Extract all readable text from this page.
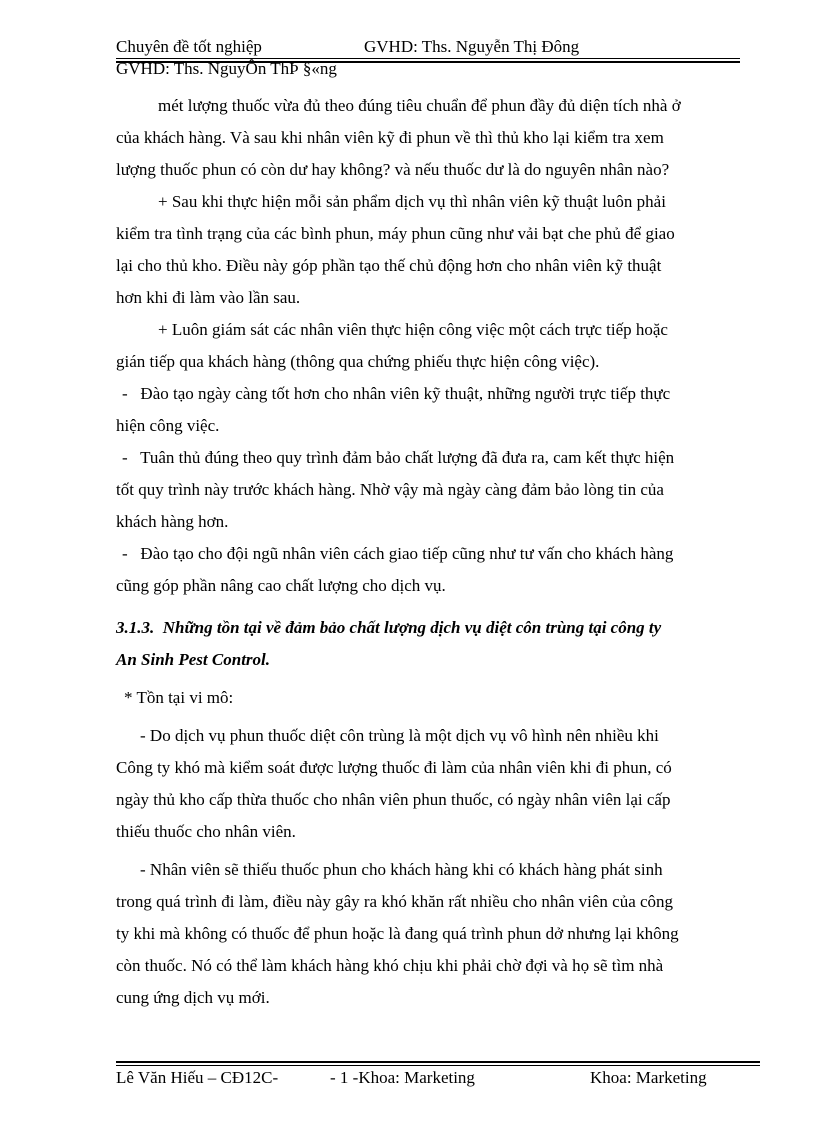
Chuyên đề tốt nghiệp	GVHD: Ths. Nguyễn Thị Đông
GVHD: Ths. NguyÔn ThÞ §«ng
mét lượng thuốc vừa đủ theo đúng tiêu chuẩn để phun đầy đủ diện tích nhà ở
của khách hàng. Và sau khi nhân viên kỹ đi phun về thì thủ kho lại kiểm tra xem
lượng thuốc phun có còn dư hay không? và nếu thuốc dư là do nguyên nhân nào?
+ Sau khi thực hiện mỗi sản phẩm dịch vụ thì nhân viên kỹ thuật luôn phải
kiểm tra tình trạng của các bình phun, máy phun cũng như vải bạt che phủ để giao
lại cho thủ kho. Điều này góp phần tạo thế chủ động hơn cho nhân viên kỹ thuật
hơn khi đi làm vào lần sau.
+ Luôn giám sát các nhân viên thực hiện công việc một cách trực tiếp hoặc
gián tiếp qua khách hàng (thông qua chứng phiếu thực hiện công việc).
-   Đào tạo ngày càng tốt hơn cho nhân viên kỹ thuật, những người trực tiếp thực
hiện công việc.
-   Tuân thủ đúng theo quy trình đảm bảo chất lượng đã đưa ra, cam kết thực hiện
tốt quy trình này trước khách hàng. Nhờ vậy mà ngày càng đảm bảo lòng tin của
khách hàng hơn.
-   Đào tạo cho đội ngũ nhân viên cách giao tiếp cũng như tư vấn cho khách hàng
cũng góp phần nâng cao chất lượng cho dịch vụ.
3.1.3.  Những tồn tại về đảm bảo chất lượng dịch vụ diệt côn trùng tại công ty
An Sinh Pest Control.
* Tồn tại vi mô:
- Do dịch vụ phun thuốc diệt côn trùng là một dịch vụ vô hình nên nhiều khi
Công ty khó mà kiểm soát được lượng thuốc đi làm của nhân viên khi đi phun, có
ngày thủ kho cấp thừa thuốc cho nhân viên phun thuốc, có ngày nhân viên lại cấp
thiếu thuốc cho nhân viên.
- Nhân viên sẽ thiếu thuốc phun cho khách hàng khi có khách hàng phát sinh
trong quá trình đi làm, điều này gây ra khó khăn rất nhiều cho nhân viên của công
ty khi mà không có thuốc để phun hoặc là đang quá trình phun dở nhưng lại không
còn thuốc. Nó có thể làm khách hàng khó chịu khi phải chờ đợi và họ sẽ tìm nhà
cung ứng dịch vụ mới.
Lê Văn Hiếu – CĐ12C-	- 1 -Khoa: Marketing	Khoa: Marketing
